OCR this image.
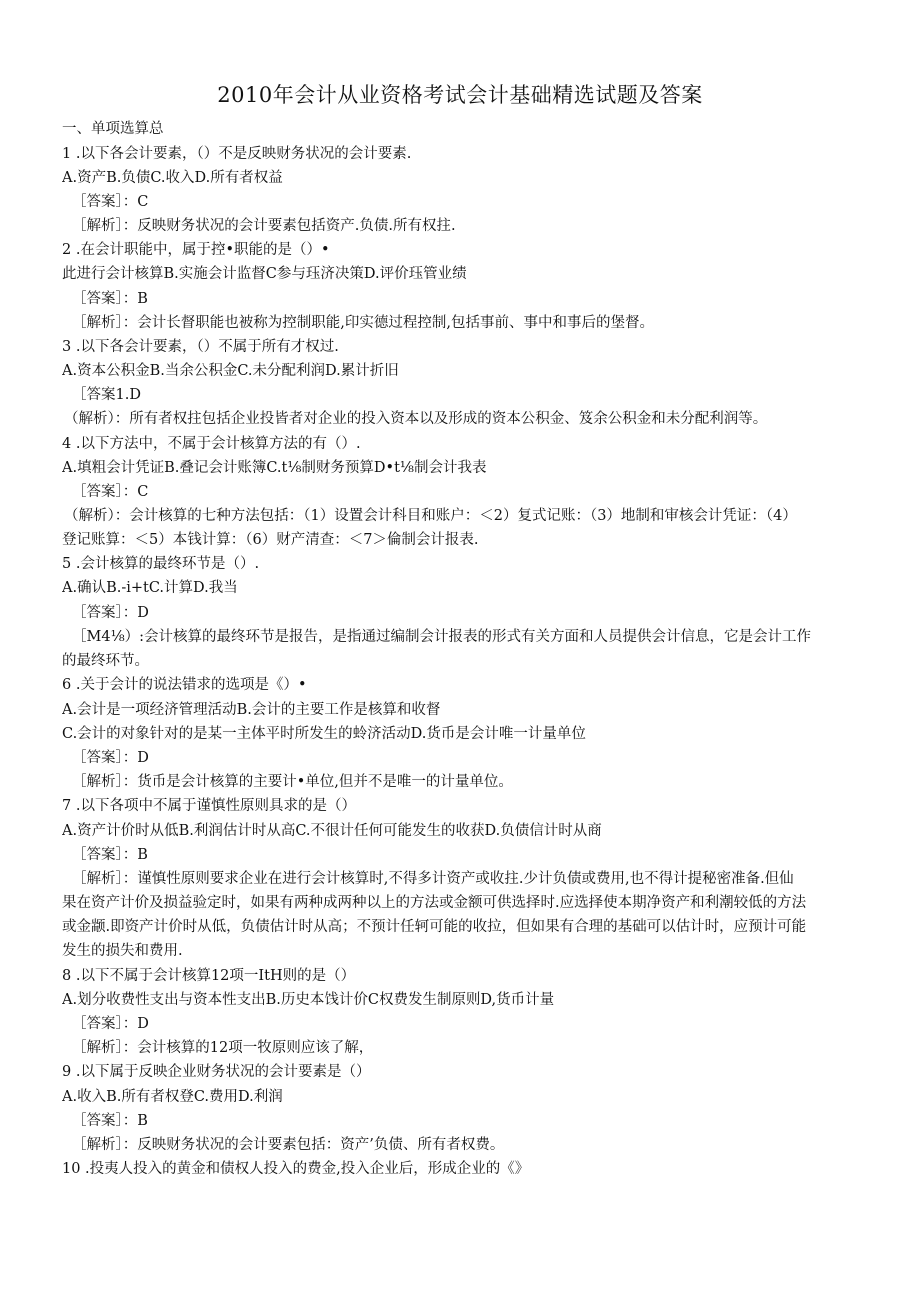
2010年会计从业资格考试会计基础精选试题及答案
一、单项选算总
1 .以下各会计要素，（）不是反映财务状况的会计要素.
A.资产B.负债C.收入D.所有者权益
［答案］：C
［解析］：反映财务状况的会计要素包括资产.负债.所有权拄.
2 .在会计职能中，属于控•职能的是（）•
此进行会计核算B.实施会计监督C参与珏济决策D.评价珏管业绩
［答案］：B
［解析］：会计长督职能也被称为控制职能,印实德过程控制,包括事前、事中和事后的堡督。
3 .以下各会计要素，（）不属于所有才权过.
A.资本公积金B.当余公积金C.未分配利润D.累计折旧
［答案1.D
（解析）：所有者权拄包括企业投皆者对企业的投入资本以及形成的资本公积金、笈余公积金和未分配利润等。
4 .以下方法中，不属于会计核算方法的有（）.
A.填粗会计凭证B.叠记会计账簿C.t⅛制财务预算D•t⅛制会计我表
［答案］：C
（解析）：会计核算的七种方法包括：（1）设置会计科目和账户：＜2）复式记账：（3）地制和审核会计凭证：（4）
登记账算：＜5）本钱计算：（6）财产清查：＜7＞倫制会计报表.
5 .会计核算的最终环节是（）.
A.确认B.-i+tC.计算D.我当
［答案］：D
［M4⅛）:会计核算的最终环节是报告，是指通过编制会计报表的形式有关方面和人员提供会计信息，它是会计工作
的最终环节。
6 .关于会计的说法错求的选项是《）•
A.会计是一项经济管理活动B.会计的主要工作是核算和收督
C.会计的对象针对的是某一主体平时所发生的蛉济活动D.货币是会计唯一计量单位
［答案］：D
［解析］：货币是会计核算的主要计•单位,但并不是唯一的计量单位。
7 .以下各项中不属于谨慎性原则具求的是（）
A.资产计价时从低B.利润估计时从高C.不很计任何可能发生的收获D.负债信计时从商
［答案］：B
［解析］：谨慎性原则要求企业在进行会计核算时,不得多计资产或收拄.少计负债或费用,也不得计提秘密准备.但仙
果在资产计价及损益验定时，如果有两种成两种以上的方法或金额可供选择时.应选择使本期净资产和利潮较低的方法
或金颛.即资产计价时从低，负债估计时从高；不预计任轲可能的收拉，但如果有合理的基础可以估计时，应预计可能
发生的损失和费用.
8 .以下不属于会计核算12项一ItH则的是（）
A.划分收费性支出与资本性支出B.历史本饯计价C权费发生制原则D,货币计量
［答案］：D
［解析］：会计核算的12项一牧原则应该了解，
9 .以下属于反映企业财务状况的会计要素是（）
A.收入B.所有者权登C.费用D.利润
［答案］：B
［解析］：反映财务状况的会计要素包括：资产’负债、所有者权费。
10 .投夷人投入的黄金和债权人投入的费金,投入企业后，形成企业的《》
